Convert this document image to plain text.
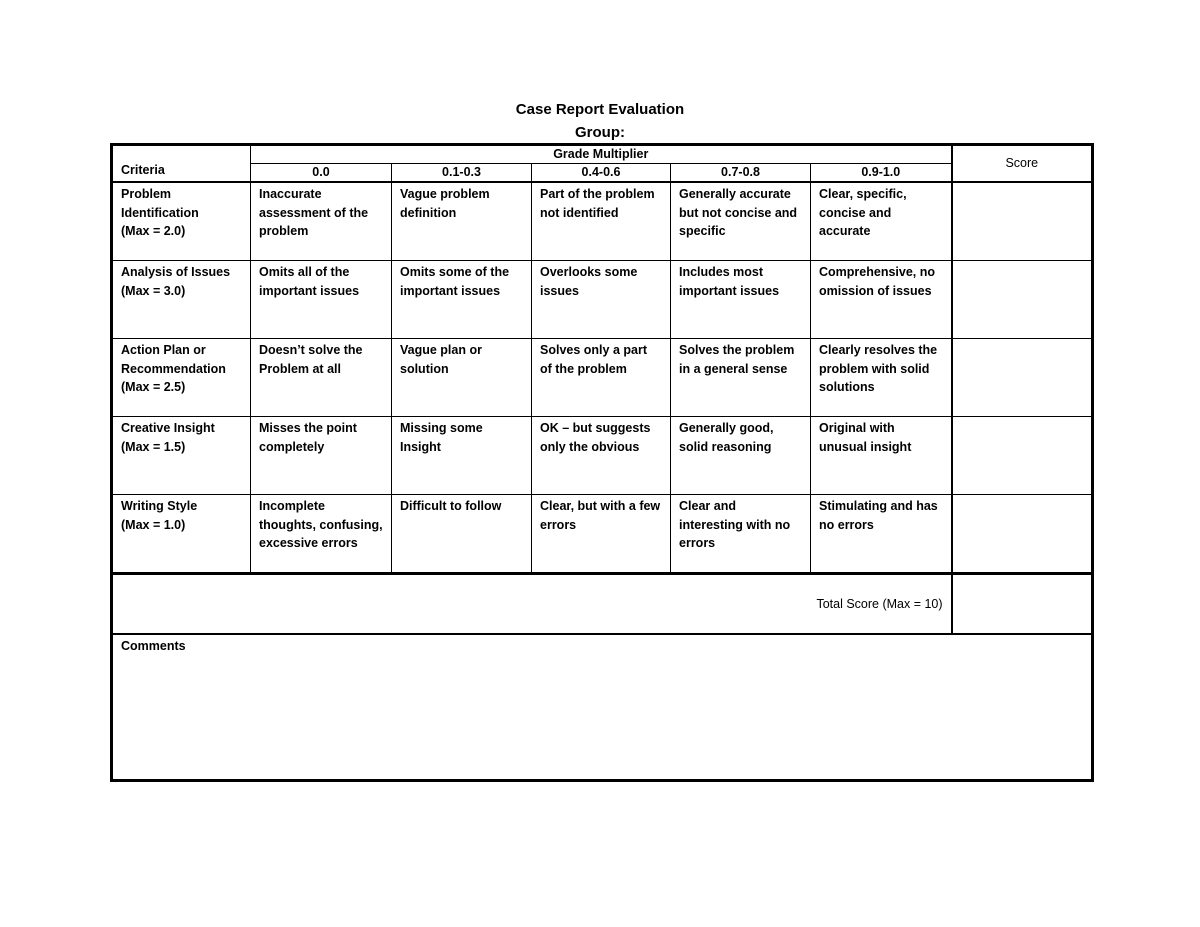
Case Report Evaluation
Group:
Criteria	Grade Multiplier					Score
	0.0	0.1-0.3	0.4-0.6	0.7-0.8	0.9-1.0	

Problem
Identification
(Max = 2.0)	Inaccurate assessment of the problem	Vague problem definition	Part of the problem not identified	Generally accurate but not concise and specific	Clear, specific, concise and accurate	

Analysis of Issues
(Max = 3.0)	Omits all of the important issues	Omits some of the important issues	Overlooks some issues	Includes most important issues	Comprehensive, no omission of issues	

Action Plan or
Recommendation
(Max = 2.5)	Doesn’t solve the Problem at all	Vague plan or solution	Solves only a part of the problem	Solves the problem in a general sense	Clearly resolves the problem with solid solutions	

Creative Insight
(Max = 1.5)	Misses the point completely	Missing some Insight	OK – but suggests only the obvious	Generally good, solid reasoning	Original with unusual insight	

Writing Style
(Max = 1.0)	Incomplete thoughts, confusing, excessive errors	Difficult to follow	Clear, but with a few errors	Clear and interesting with no errors	Stimulating and has no errors	
Total Score (Max = 10)						
Comments						
